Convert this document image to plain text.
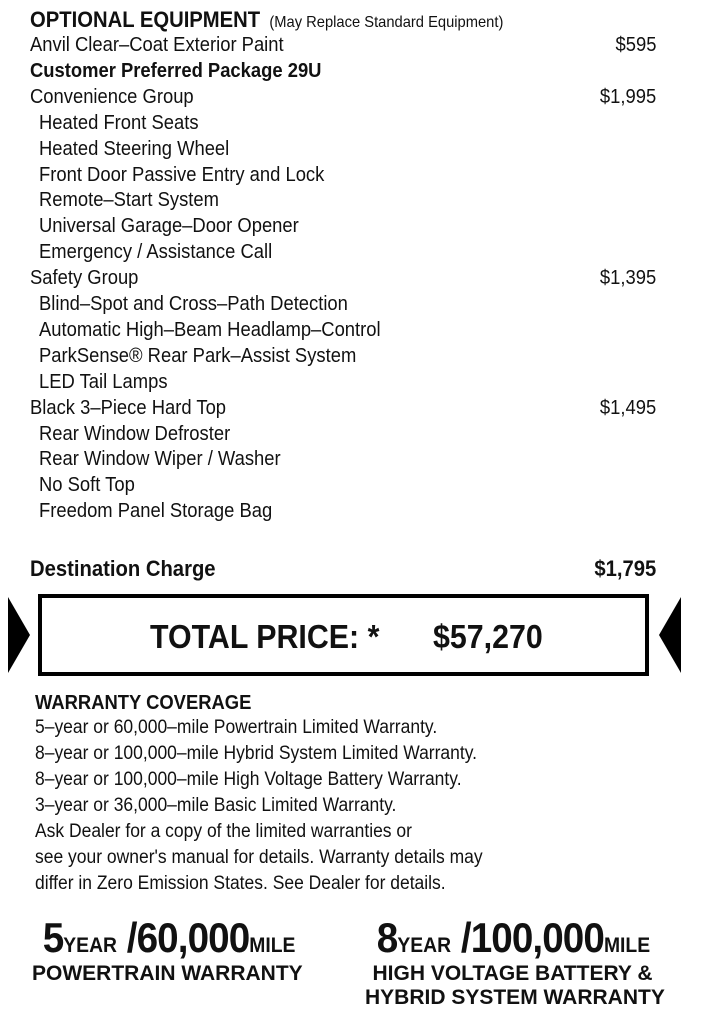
OPTIONAL EQUIPMENT (May Replace Standard Equipment)
Anvil Clear–Coat Exterior Paint	$595
Customer Preferred Package 29U
Convenience Group	$1,995
Heated Front Seats
Heated Steering Wheel
Front Door Passive Entry and Lock
Remote–Start System
Universal Garage–Door Opener
Emergency / Assistance Call
Safety Group	$1,395
Blind–Spot and Cross–Path Detection
Automatic High–Beam Headlamp–Control
ParkSense® Rear Park–Assist System
LED Tail Lamps
Black 3–Piece Hard Top	$1,495
Rear Window Defroster
Rear Window Wiper / Washer
No Soft Top
Freedom Panel Storage Bag
Destination Charge	$1,795
TOTAL PRICE: * $57,270
WARRANTY COVERAGE
5–year or 60,000–mile Powertrain Limited Warranty.
8–year or 100,000–mile Hybrid System Limited Warranty.
8–year or 100,000–mile High Voltage Battery Warranty.
3–year or 36,000–mile Basic Limited Warranty.
Ask Dealer for a copy of the limited warranties or
see your owner's manual for details. Warranty details may
differ in Zero Emission States. See Dealer for details.
5YEAR /60,000MILE
POWERTRAIN WARRANTY
8YEAR /100,000MILE
HIGH VOLTAGE BATTERY &
HYBRID SYSTEM WARRANTY
